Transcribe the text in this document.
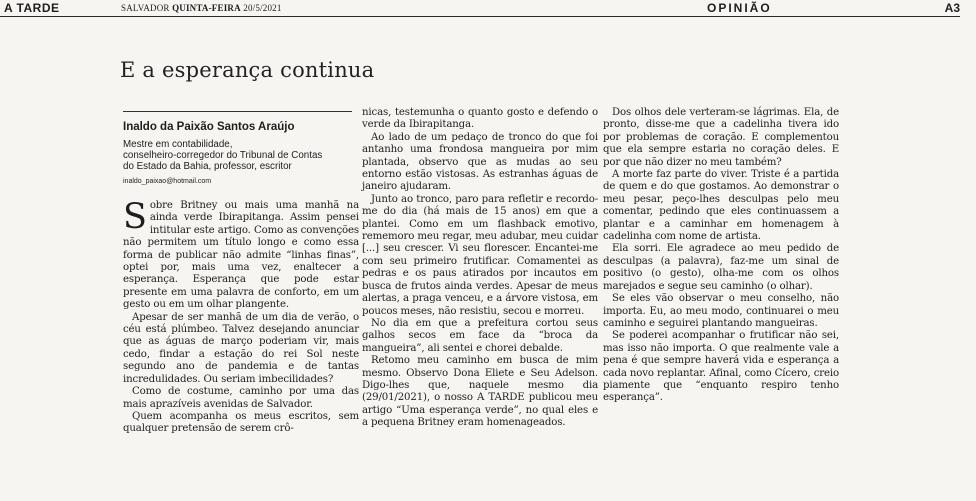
A TARDE	SALVADOR QUINTA-FEIRA 20/5/2021	OPINIÃO	A3
E a esperança continua
Inaldo da Paixão Santos Araújo
Mestre em contabilidade,
conselheiro-corregedor do Tribunal de Contas
do Estado da Bahia, professor, escritor
inaldo_paixao@hotmail.com

Sobre Britney ou mais uma manhã na ainda verde Ibirapitanga. Assim pensei intitular este artigo. Como as convenções não permitem um título longo e como essa forma de publicar não admite “linhas finas”, optei por, mais uma vez, enaltecer a esperança. Esperança que pode estar presente em uma palavra de conforto, em um gesto ou em um olhar plangente.

Apesar de ser manhã de um dia de verão, o céu está plúmbeo. Talvez desejando anunciar que as águas de março poderiam vir, mais cedo, findar a estação do rei Sol neste segundo ano de pandemia e de tantas incredulidades. Ou seriam imbecilidades?

Como de costume, caminho por uma das mais aprazíveis avenidas de Salvador.

Quem acompanha os meus escritos, sem qualquer pretensão de serem crô-

nicas, testemunha o quanto gosto e defendo o verde da Ibirapitanga.

Ao lado de um pedaço de tronco do que foi antanho uma frondosa mangueira por mim plantada, observo que as mudas ao seu entorno estão vistosas. As estranhas águas de janeiro ajudaram.

Junto ao tronco, paro para refletir e recordo-me do dia (há mais de 15 anos) em que a plantei. Como em um flashback emotivo, rememoro meu regar, meu adubar, meu cuidar [...] seu crescer. Vi seu florescer. Encantei-me com seu primeiro frutificar. Comamentei as pedras e os paus atirados por incautos em busca de frutos ainda verdes. Apesar de meus alertas, a praga venceu, e a árvore vistosa, em poucos meses, não resistiu, secou e morreu.

No dia em que a prefeitura cortou seus galhos secos em face da “broca da mangueira”, ali sentei e chorei debalde.

Retomo meu caminho em busca de mim mesmo. Observo Dona Eliete e Seu Adelson. Digo-lhes que, naquele mesmo dia (29/01/2021), o nosso A TARDE publicou meu artigo “Uma esperança verde”, no qual eles e a pequena Britney eram homenageados.

Dos olhos dele verteram-se lágrimas. Ela, de pronto, disse-me que a cadelinha tivera ido por problemas de coração. E complementou que ela sempre estaria no coração deles. E por que não dizer no meu também?

A morte faz parte do viver. Triste é a partida de quem e do que gostamos. Ao demonstrar o meu pesar, peço-lhes desculpas pelo meu comentar, pedindo que eles continuassem a plantar e a caminhar em homenagem à cadelinha com nome de artista.

Ela sorri. Ele agradece ao meu pedido de desculpas (a palavra), faz-me um sinal de positivo (o gesto), olha-me com os olhos marejados e segue seu caminho (o olhar).

Se eles vão observar o meu conselho, não importa. Eu, ao meu modo, continuarei o meu caminho e seguirei plantando mangueiras.

Se poderei acompanhar o frutificar não sei, mas isso não importa. O que realmente vale a pena é que sempre haverá vida e esperança a cada novo replantar. Afinal, como Cícero, creio piamente que “enquanto respiro tenho esperança”.
